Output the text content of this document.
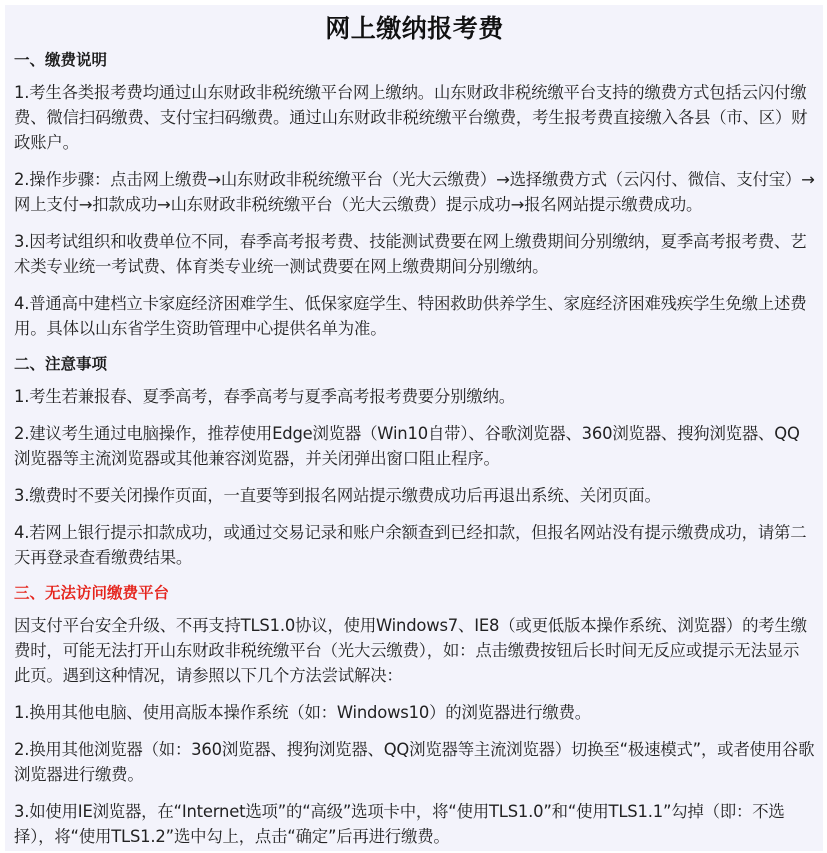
网上缴纳报考费
一、缴费说明

1.考生各类报考费均通过山东财政非税统缴平台网上缴纳。山东财政非税统缴平台支持的缴费方式包括云闪付缴费、微信扫码缴费、支付宝扫码缴费。通过山东财政非税统缴平台缴费，考生报考费直接缴入各县（市、区）财政账户。

2.操作步骤：点击网上缴费→山东财政非税统缴平台（光大云缴费）→选择缴费方式（云闪付、微信、支付宝）→网上支付→扣款成功→山东财政非税统缴平台（光大云缴费）提示成功→报名网站提示缴费成功。

3.因考试组织和收费单位不同，春季高考报考费、技能测试费要在网上缴费期间分别缴纳，夏季高考报考费、艺术类专业统一考试费、体育类专业统一测试费要在网上缴费期间分别缴纳。

4.普通高中建档立卡家庭经济困难学生、低保家庭学生、特困救助供养学生、家庭经济困难残疾学生免缴上述费用。具体以山东省学生资助管理中心提供名单为准。

二、注意事项

1.考生若兼报春、夏季高考，春季高考与夏季高考报考费要分别缴纳。

2.建议考生通过电脑操作，推荐使用Edge浏览器（Win10自带）、谷歌浏览器、360浏览器、搜狗浏览器、QQ浏览器等主流浏览器或其他兼容浏览器，并关闭弹出窗口阻止程序。

3.缴费时不要关闭操作页面，一直要等到报名网站提示缴费成功后再退出系统、关闭页面。

4.若网上银行提示扣款成功，或通过交易记录和账户余额查到已经扣款，但报名网站没有提示缴费成功，请第二天再登录查看缴费结果。

三、无法访问缴费平台

因支付平台安全升级、不再支持TLS1.0协议，使用Windows7、IE8（或更低版本操作系统、浏览器）的考生缴费时，可能无法打开山东财政非税统缴平台（光大云缴费），如：点击缴费按钮后长时间无反应或提示无法显示此页。遇到这种情况，请参照以下几个方法尝试解决：

1.换用其他电脑、使用高版本操作系统（如：Windows10）的浏览器进行缴费。

2.换用其他浏览器（如：360浏览器、搜狗浏览器、QQ浏览器等主流浏览器）切换至“极速模式”，或者使用谷歌浏览器进行缴费。

3.如使用IE浏览器，在“Internet选项”的“高级”选项卡中，将“使用TLS1.0”和“使用TLS1.1”勾掉（即：不选择），将“使用TLS1.2”选中勾上，点击“确定”后再进行缴费。
